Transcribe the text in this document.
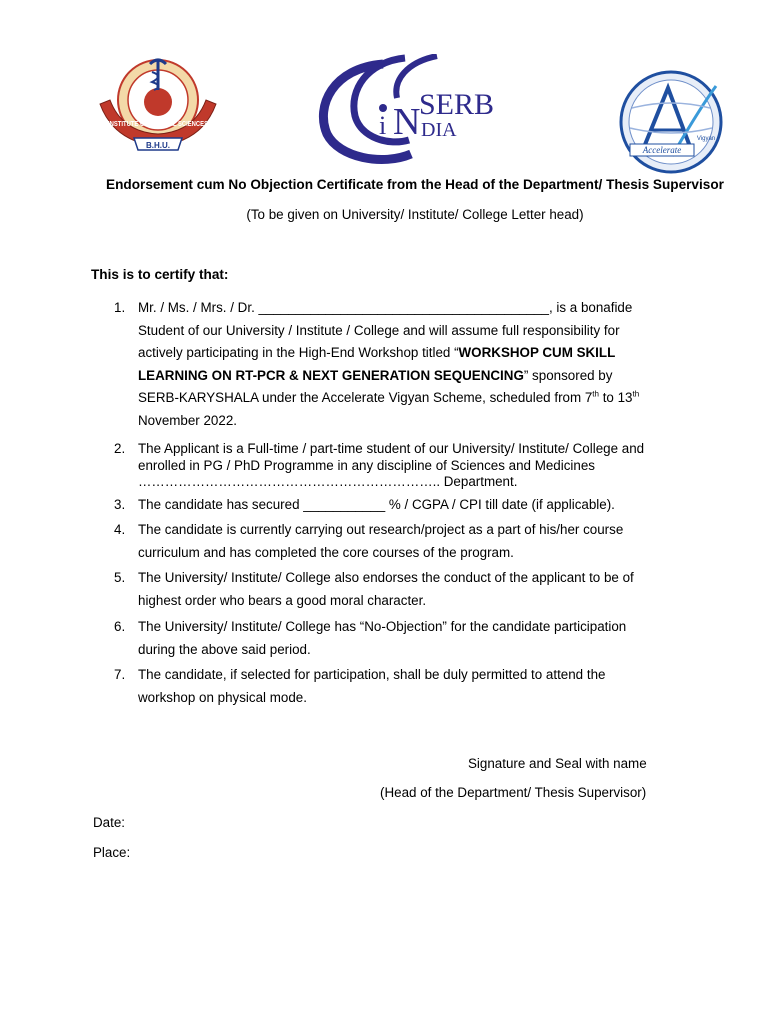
B.H.U.
INSTITUTE OF MEDICAL SCIENCES	i N
SERB
DIA
Accelerate
Vigyan
Endorsement cum No Objection Certificate from the Head of the Department/ Thesis Supervisor
(To be given on University/ Institute/ College Letter head)
This is to certify that:
1. Mr. / Ms. / Mrs. / Dr. _______________________________________, is a bonafide
Student of our University / Institute / College and will assume full responsibility for
actively participating in the High-End Workshop titled “WORKSHOP CUM SKILL
LEARNING ON RT-PCR & NEXT GENERATION SEQUENCING” sponsored by
SERB-KARYSHALA under the Accelerate Vigyan Scheme, scheduled from 7th to 13th
November 2022.
2. The Applicant is a Full-time / part-time student of our University/ Institute/ College and
enrolled in PG / PhD Programme in any discipline of Sciences and Medicines
………………………………………………………….. Department.
3. The candidate has secured ___________ % / CGPA / CPI till date (if applicable).
4. The candidate is currently carrying out research/project as a part of his/her course
curriculum and has completed the core courses of the program.
5. The University/ Institute/ College also endorses the conduct of the applicant to be of
highest order who bears a good moral character.
6. The University/ Institute/ College has “No-Objection” for the candidate participation
during the above said period.
7. The candidate, if selected for participation, shall be duly permitted to attend the
workshop on physical mode.
Signature and Seal with name
(Head of the Department/ Thesis Supervisor)
Date:
Place:
